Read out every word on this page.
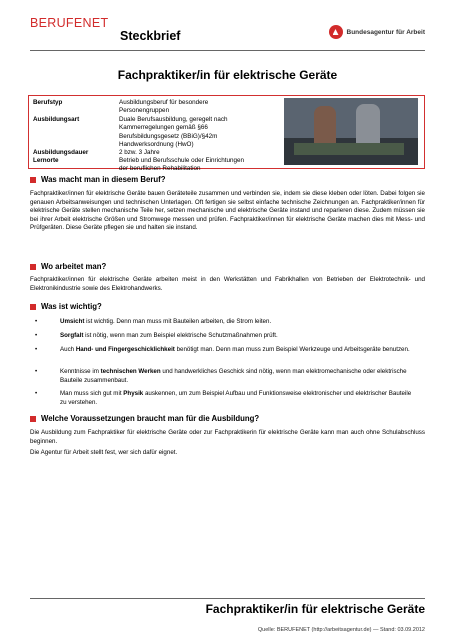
BERUFENET
Steckbrief	Bundesagentur für Arbeit
Fachpraktiker/in für elektrische Geräte
Berufstyp	Ausbildungsberuf für besondere Personengruppen
Ausbildungsart	Duale Berufsausbildung, geregelt nach Kammerregelungen gemäß §66 Berufsbildungsgesetz (BBiG)/§42m Handwerksordnung (HwO)
Ausbildungsdauer	2 bzw. 3 Jahre
Lernorte	Betrieb und Berufsschule oder Einrichtungen der beruflichen Rehabilitation
Was macht man in diesem Beruf?
Fachpraktiker/innen für elektrische Geräte bauen Geräteteile zusammen und verbinden sie, indem sie diese kleben oder löten. Dabei folgen sie genauen Arbeitsanweisungen und technischen Unterlagen. Oft fertigen sie selbst einfache technische Zeichnungen an. Fachpraktiker/innen für elektrische Geräte stellen mechanische Teile her, setzen mechanische und elektrische Geräte instand und reparieren diese. Zudem müssen sie bei ihrer Arbeit elektrische Größen und Stromwege messen und prüfen. Fachpraktiker/innen für elektrische Geräte machen dies mit Mess- und Prüfgeräten. Diese Geräte pflegen sie und halten sie instand.
Wo arbeitet man?
Fachpraktiker/innen für elektrische Geräte arbeiten meist in den Werkstätten und Fabrikhallen von Betrieben der Elektrotechnik- und Elektronikindustrie sowie des Elektrohandwerks.
Was ist wichtig?
•	Umsicht ist wichtig. Denn man muss mit Bauteilen arbeiten, die Strom leiten.
•	Sorgfalt ist nötig, wenn man zum Beispiel elektrische Schutzmaßnahmen prüft.
•	Auch Hand- und Fingergeschicklichkeit benötigt man. Denn man muss zum Beispiel Werkzeuge und Arbeitsgeräte benutzen.
•	Kenntnisse im technischen Werken und handwerkliches Geschick sind nötig, wenn man elektromechanische oder elektrische Bauteile zusammenbaut.
•	Man muss sich gut mit Physik auskennen, um zum Beispiel Aufbau und Funktionsweise elektronischer und elektrischer Bauteile zu verstehen.
Welche Voraussetzungen braucht man für die Ausbildung?
Die Ausbildung zum Fachpraktiker für elektrische Geräte oder zur Fachpraktikerin für elektrische Geräte kann man auch ohne Schulabschluss beginnen.
Die Agentur für Arbeit stellt fest, wer sich dafür eignet.
Fachpraktiker/in für elektrische Geräte
Quelle: BERUFENET (http://arbeitsagentur.de) — Stand: 03.09.2012
